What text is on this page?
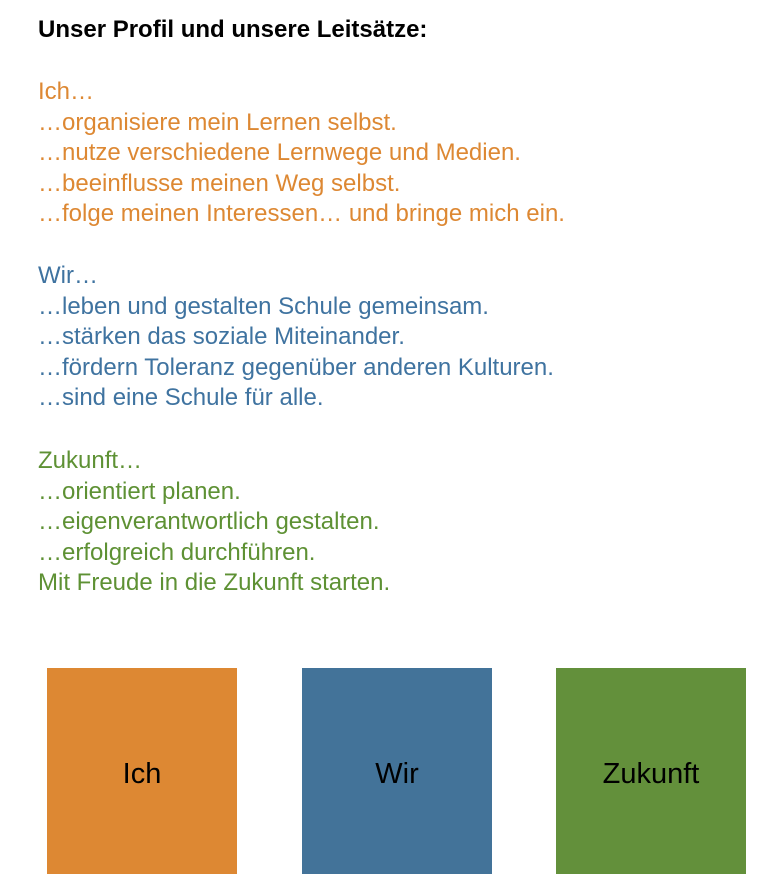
Unser Profil und unsere Leitsätze:
Ich…
…organisiere mein Lernen selbst.
…nutze verschiedene Lernwege und Medien.
…beeinflusse meinen Weg selbst.
…folge meinen Interessen… und bringe mich ein.
Wir…
…leben und gestalten Schule gemeinsam.
…stärken das soziale Miteinander.
…fördern Toleranz gegenüber anderen Kulturen.
…sind eine Schule für alle.
Zukunft…
…orientiert planen.
…eigenverantwortlich gestalten.
…erfolgreich durchführen.
Mit Freude in die Zukunft starten.
Ich	Wir	Zukunft
